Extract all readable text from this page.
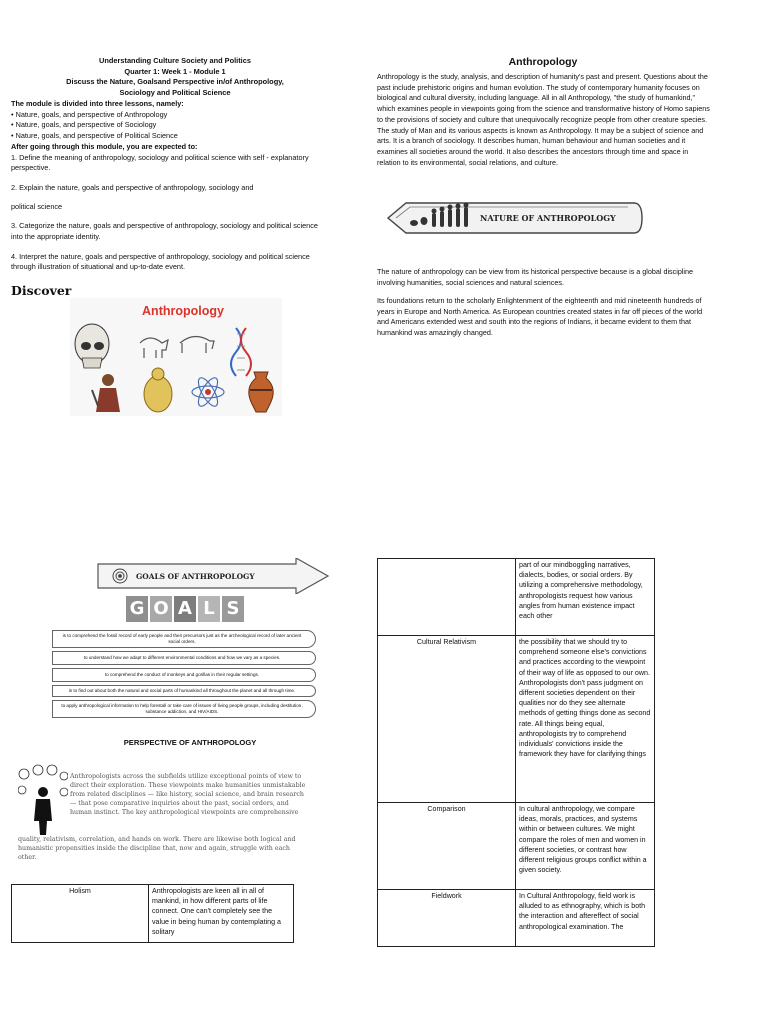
Understanding Culture Society and Politics
Quarter 1: Week 1 - Module 1
Discuss the Nature, Goalsand Perspective in/of Anthropology,
Sociology and Political Science
The module is divided into three lessons, namely:
• Nature, goals, and perspective of Anthropology
• Nature, goals, and perspective of Sociology
• Nature, goals, and perspective of Political Science
After going through this module, you are expected to:
1. Define the meaning of anthropology, sociology and political science with self - explanatory perspective.
2. Explain the nature, goals and perspective of anthropology, sociology and
political science
3. Categorize the nature, goals and perspective of anthropology, sociology and political science into the appropriate identity.
4. Interpret the nature, goals and perspective of anthropology, sociology and political science through illustration of situational and up-to-date event.
Discover
Anthropology
Anthropology
Anthropology is the study, analysis, and description of humanity's past and present. Questions about the past include prehistoric origins and human evolution. The study of contemporary humanity focuses on biological and cultural diversity, including language. All in all Anthropology, "the study of humankind," which examines people in viewpoints going from the science and transformative history of Homo sapiens to the provisions of society and culture that unequivocally recognize people from other creature species. The study of Man and its various aspects is known as Anthropology. It may be a subject of science and arts. It is a branch of sociology. It describes human, human behaviour and human societies and it examines all societies around the world. It also describes the ancestors through time and space in relation to its environmental, social relations, and culture.
NATURE OF ANTHROPOLOGY
The nature of anthropology can be view from its historical perspective because is a global discipline involving humanities, social sciences and natural sciences.
Its foundations return to the scholarly Enlightenment of the eighteenth and mid nineteenth hundreds of years in Europe and North America. As European countries created states in far off pieces of the world and Americans extended west and south into the regions of Indians, it became evident to them that humankind was amazingly changed.
GOALS OF ANTHROPOLOGY
G O A L S
is to comprehend the fossil record of early people and their precursors just as the archeological record of later ancient social orders.
to understand how we adapt to different environmental conditions and how we vary as a species.
to comprehend the conduct of monkeys and gorillas in their regular settings.
is to find out about both the natural and social parts of humankind all throughout the planet and all through time.
to apply anthropological information to help forestall or take care of issues of living people groups, including destitution, substance addiction, and HIV/AIDS.
PERSPECTIVE OF ANTHROPOLOGY
Anthropologists across the subfields utilize exceptional points of view to direct their exploration. These viewpoints make humanities unmistakable from related disciplines — like history, social science, and brain research — that pose comparative inquiries about the past, social orders, and human instinct. The key anthropological viewpoints are comprehensive
quality, relativism, correlation, and hands on work. There are likewise both logical and humanistic propensities inside the discipline that, now and again, struggle with each other.
Holism	Anthropologists are keen all in all of mankind, in how different parts of life connect. One can't completely see the value in being human by contemplating a solitary
	part of our mindboggling narratives, dialects, bodies, or social orders. By utilizing a comprehensive methodology, anthropologists request how various angles from human existence impact each other
Cultural Relativism	the possibility that we should try to comprehend someone else's convictions and practices according to the viewpoint of their way of life as opposed to our own. Anthropologists don't pass judgment on different societies dependent on their qualities nor do they see alternate methods of getting things done as second rate. All things being equal, anthropologists try to comprehend individuals' convictions inside the framework they have for clarifying things
Comparison	In cultural anthropology, we compare ideas, morals, practices, and systems within or between cultures. We might compare the roles of men and women in different societies, or contrast how different religious groups conflict within a given society.
Fieldwork	In Cultural Anthropology, field work is alluded to as ethnography, which is both the interaction and aftereffect of social anthropological examination. The
